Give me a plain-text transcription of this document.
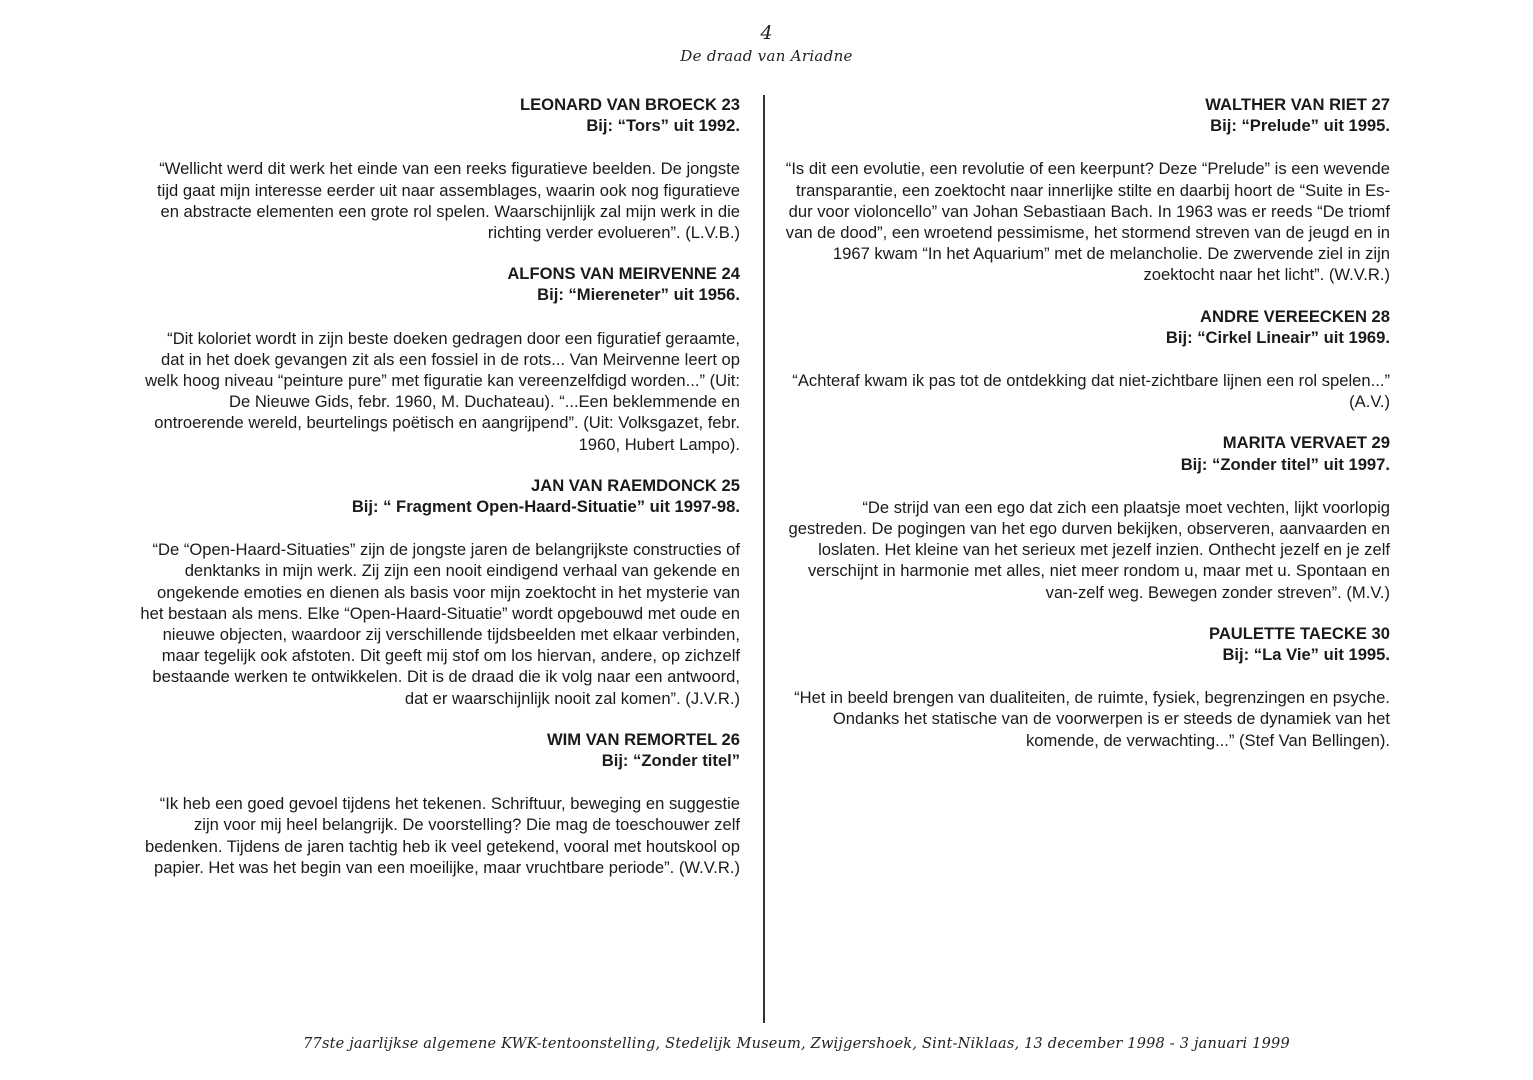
4
De draad van Ariadne
LEONARD VAN BROECK 23
Bij: “Tors” uit 1992.
“Wellicht werd dit werk het einde van een reeks figuratieve beelden. De jongste tijd gaat mijn interesse eerder uit naar assemblages, waarin ook nog figuratieve en abstracte elementen een grote rol spelen. Waarschijnlijk zal mijn werk in die richting verder evolueren”. (L.V.B.)
ALFONS VAN MEIRVENNE 24
Bij: “Miereneter” uit 1956.
“Dit koloriet wordt in zijn beste doeken gedragen door een figuratief geraamte, dat in het doek gevangen zit als een fossiel in de rots... Van Meirvenne leert op welk hoog niveau “peinture pure” met figuratie kan vereenzelfdigd worden...” (Uit: De Nieuwe Gids, febr. 1960, M. Duchateau). “...Een beklemmende en ontroerende wereld, beurtelings poëtisch en aangrijpend”. (Uit: Volksgazet, febr. 1960, Hubert Lampo).
JAN VAN RAEMDONCK 25
Bij: “ Fragment Open-Haard-Situatie” uit 1997-98.
“De “Open-Haard-Situaties” zijn de jongste jaren de belangrijkste constructies of denktanks in mijn werk. Zij zijn een nooit eindigend verhaal van gekende en ongekende emoties en dienen als basis voor mijn zoektocht in het mysterie van het bestaan als mens. Elke “Open-Haard-Situatie” wordt opgebouwd met oude en nieuwe objecten, waardoor zij verschillende tijdsbeelden met elkaar verbinden, maar tegelijk ook afstoten. Dit geeft mij stof om los hiervan, andere, op zichzelf bestaande werken te ontwikkelen. Dit is de draad die ik volg naar een antwoord, dat er waarschijnlijk nooit zal komen”. (J.V.R.)
WIM VAN REMORTEL 26
Bij: “Zonder titel”
“Ik heb een goed gevoel tijdens het tekenen. Schriftuur, beweging en suggestie zijn voor mij heel belangrijk. De voorstelling? Die mag de toeschouwer zelf bedenken. Tijdens de jaren tachtig heb ik veel getekend, vooral met houtskool op papier. Het was het begin van een moeilijke, maar vruchtbare periode”. (W.V.R.)
WALTHER VAN RIET 27
Bij: “Prelude” uit 1995.
“Is dit een evolutie, een revolutie of een keerpunt? Deze “Prelude” is een wevende transparantie, een zoektocht naar innerlijke stilte en daarbij hoort de “Suite in Es-dur voor violoncello” van Johan Sebastiaan Bach. In 1963 was er reeds “De triomf van de dood”, een wroetend pessimisme, het stormend streven van de jeugd en in 1967 kwam “In het Aquarium” met de melancholie. De zwervende ziel in zijn zoektocht naar het licht”. (W.V.R.)
ANDRE VEREECKEN 28
Bij: “Cirkel Lineair” uit 1969.
“Achteraf kwam ik pas tot de ontdekking dat niet-zichtbare lijnen een rol spelen...” (A.V.)
MARITA VERVAET 29
Bij: “Zonder titel” uit 1997.
“De strijd van een ego dat zich een plaatsje moet vechten, lijkt voorlopig gestreden. De pogingen van het ego durven bekijken, observeren, aanvaarden en loslaten. Het kleine van het serieux met jezelf inzien. Onthecht jezelf en je zelf verschijnt in harmonie met alles, niet meer rondom u, maar met u. Spontaan en van-zelf weg. Bewegen zonder streven”. (M.V.)
PAULETTE TAECKE 30
Bij: “La Vie” uit 1995.
“Het in beeld brengen van dualiteiten, de ruimte, fysiek, begrenzingen en psyche. Ondanks het statische van de voorwerpen is er steeds de dynamiek van het komende, de verwachting...” (Stef Van Bellingen).
77ste jaarlijkse algemene KWK-tentoonstelling, Stedelijk Museum, Zwijgershoek, Sint-Niklaas, 13 december 1998 - 3 januari 1999
